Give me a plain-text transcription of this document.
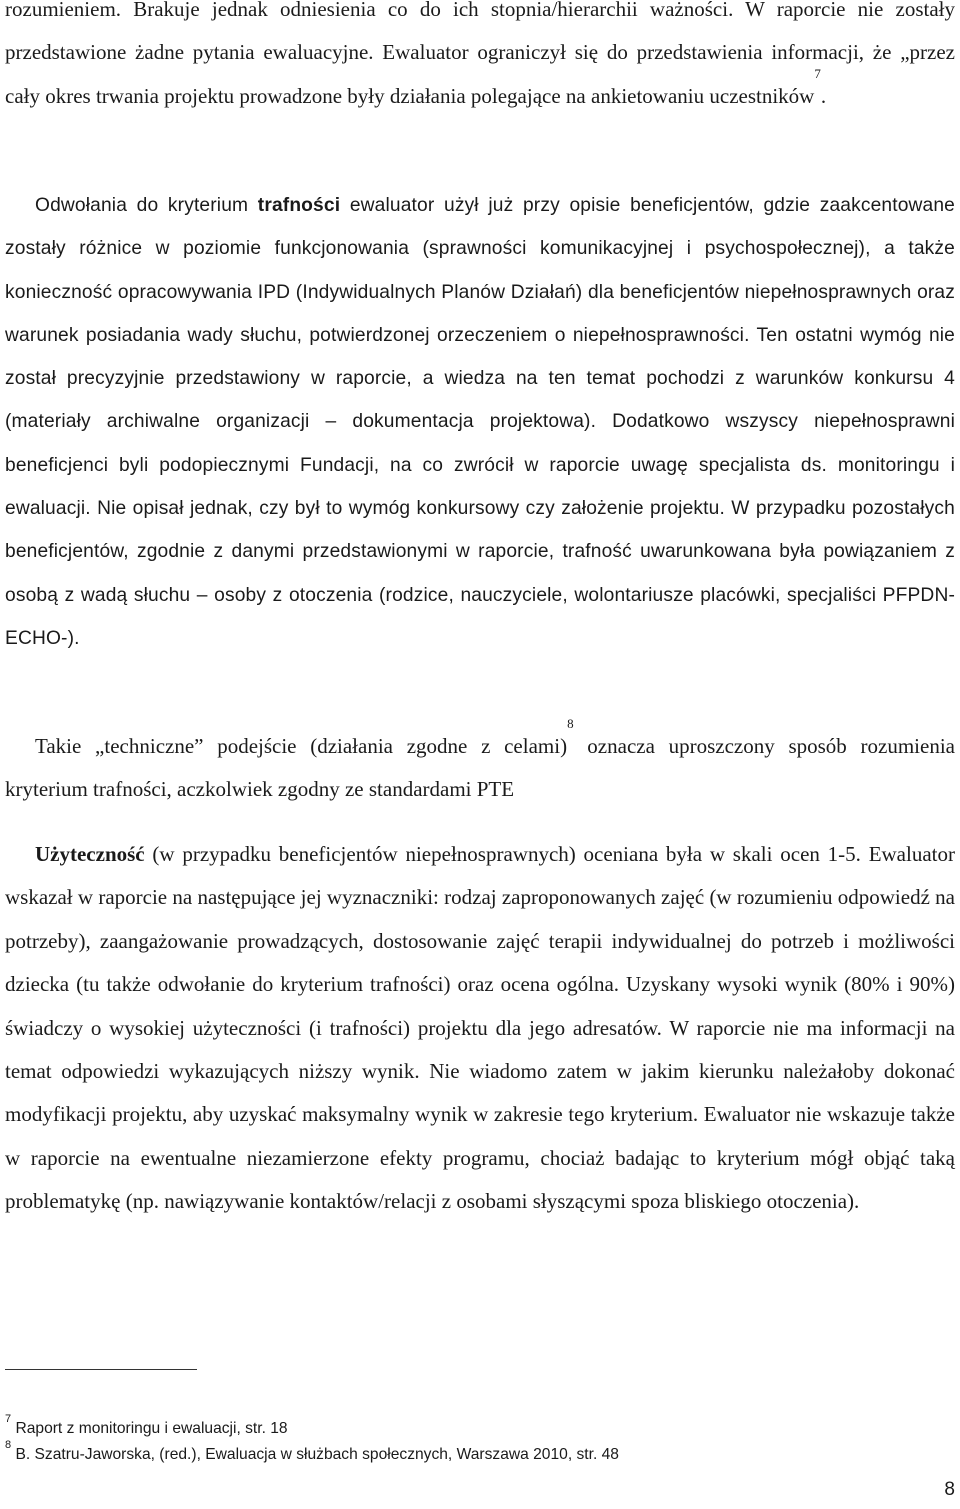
rozumieniem. Brakuje jednak odniesienia co do ich stopnia/hierarchii ważności. W raporcie nie zostały przedstawione żadne pytania ewaluacyjne. Ewaluator ograniczył się do przedstawienia informacji, że „przez cały okres trwania projektu prowadzone były działania polegające na ankietowaniu uczestników$^7$.

Odwołania do kryterium trafności ewaluator użył już przy opisie beneficjentów, gdzie zaakcentowane zostały różnice w poziomie funkcjonowania (sprawności komunikacyjnej i psychospołecznej), a także konieczność opracowywania IPD (Indywidualnych Planów Działań) dla beneficjentów niepełnosprawnych oraz warunek posiadania wady słuchu, potwierdzonej orzeczeniem o niepełnosprawności. Ten ostatni wymóg nie został precyzyjnie przedstawiony w raporcie, a wiedza na ten temat pochodzi z warunków konkursu 4 (materiały archiwalne organizacji – dokumentacja projektowa). Dodatkowo wszyscy niepełnosprawni beneficjenci byli podopiecznymi Fundacji, na co zwrócił w raporcie uwagę specjalista ds. monitoringu i ewaluacji. Nie opisał jednak, czy był to wymóg konkursowy czy założenie projektu. W przypadku pozostałych beneficjentów, zgodnie z danymi przedstawionymi w raporcie, trafność uwarunkowana była powiązaniem z osobą z wadą słuchu – osoby z otoczenia (rodzice, nauczyciele, wolontariusze placówki, specjaliści PFPDN-ECHO-).

Takie „techniczne” podejście (działania zgodne z celami)$^8$ oznacza uproszczony sposób rozumienia kryterium trafności, aczkolwiek zgodny ze standardami PTE

Użyteczność (w przypadku beneficjentów niepełnosprawnych) oceniana była w skali ocen 1-5. Ewaluator wskazał w raporcie na następujące jej wyznaczniki: rodzaj zaproponowanych zajęć (w rozumieniu odpowiedź na potrzeby), zaangażowanie prowadzących, dostosowanie zajęć terapii indywidualnej do potrzeb i możliwości dziecka (tu także odwołanie do kryterium trafności) oraz ocena ogólna. Uzyskany wysoki wynik (80% i 90%) świadczy o wysokiej użyteczności (i trafności) projektu dla jego adresatów. W raporcie nie ma informacji na temat odpowiedzi wykazujących niższy wynik. Nie wiadomo zatem w jakim kierunku należałoby dokonać modyfikacji projektu, aby uzyskać maksymalny wynik w zakresie tego kryterium. Ewaluator nie wskazuje także w raporcie na ewentualne niezamierzone efekty programu, chociaż badając to kryterium mógł objąć taką problematykę (np. nawiązywanie kontaktów/relacji z osobami słyszącymi spoza bliskiego otoczenia).

$^7$ Raport z monitoringu i ewaluacji, str. 18
$^8$ B. Szatru-Jaworska, (red.), Ewaluacja w służbach społecznych, Warszawa 2010, str. 48
8
